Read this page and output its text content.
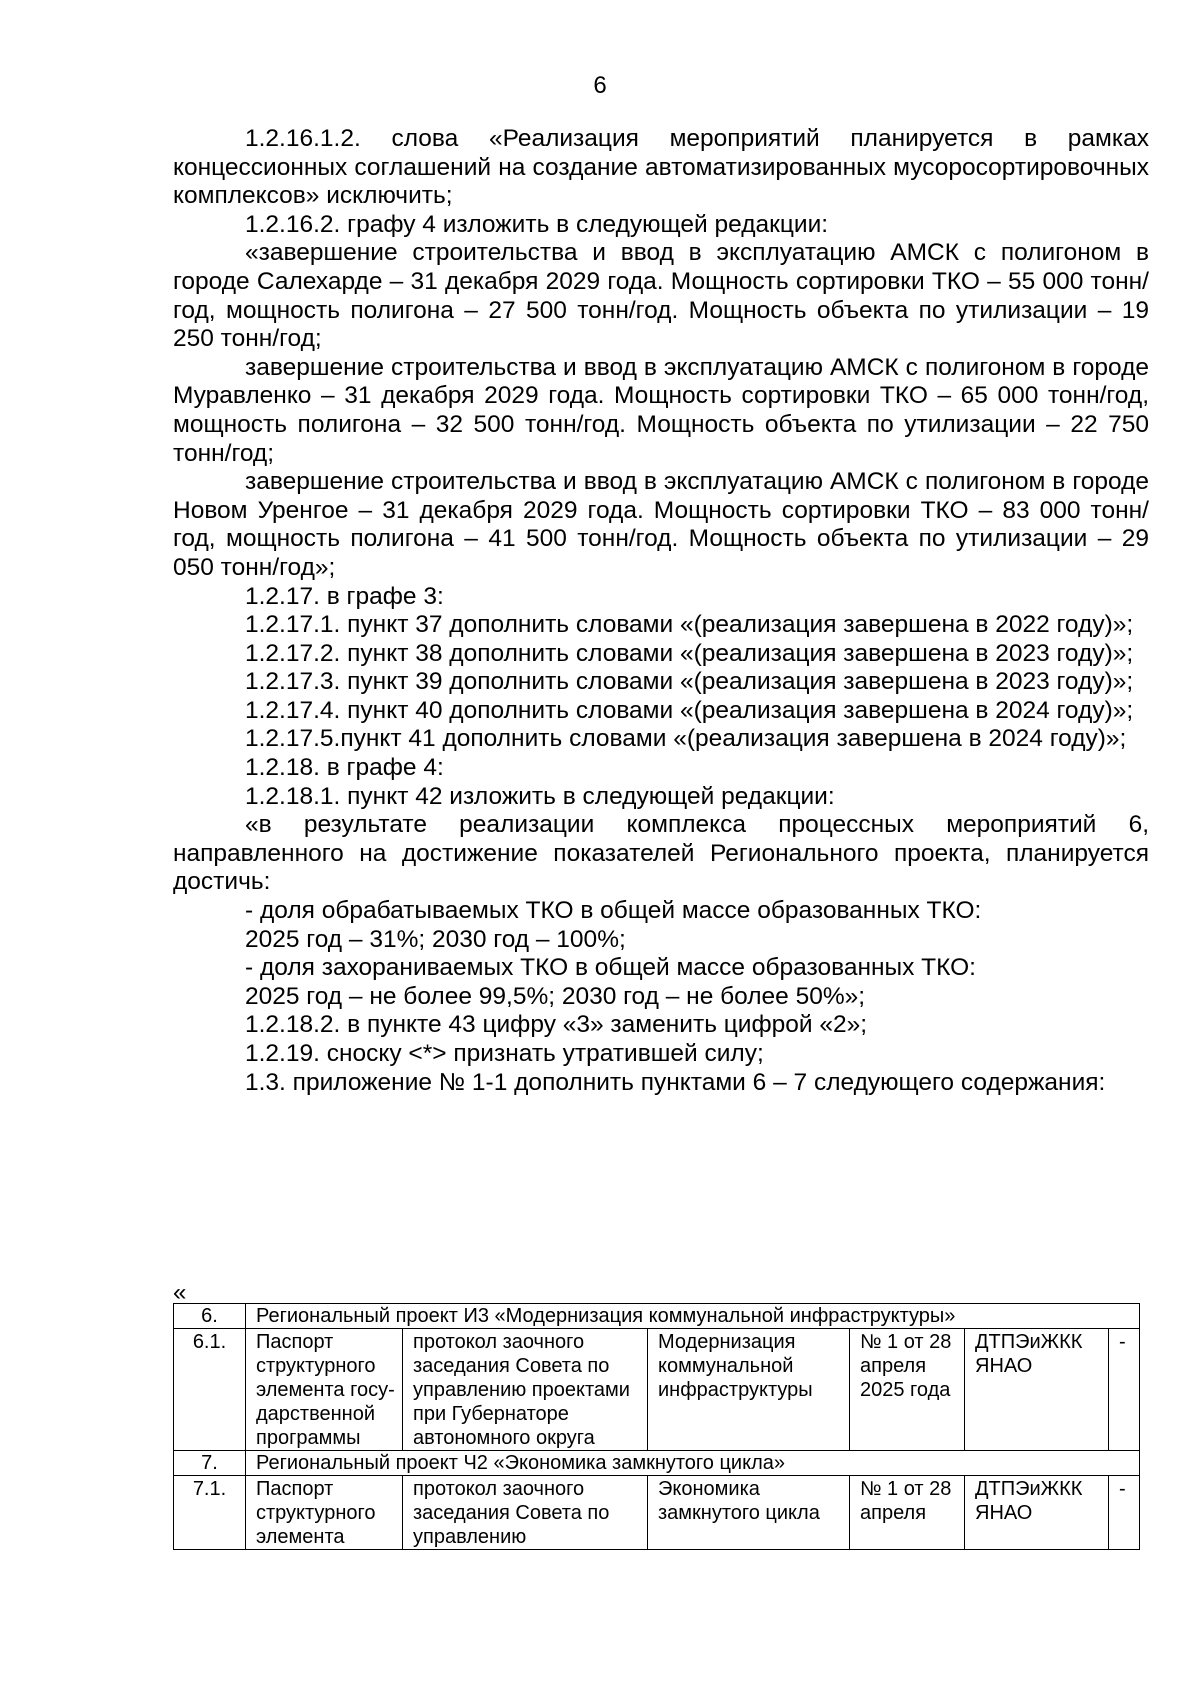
6

1.2.16.1.2. слова «Реализация мероприятий планируется в рамках концессионных соглашений на создание автоматизированных мусоросортировочных комплексов» исключить;

1.2.16.2. графу 4 изложить в следующей редакции:

«завершение строительства и ввод в эксплуатацию АМСК с полигоном в городе Салехарде – 31 декабря 2029 года. Мощность сортировки ТКО – 55 000 тонн/год, мощность полигона – 27 500 тонн/год. Мощность объекта по утилизации – 19 250 тонн/год;

завершение строительства и ввод в эксплуатацию АМСК с полигоном в городе Муравленко – 31 декабря 2029 года. Мощность сортировки ТКО – 65 000 тонн/год, мощность полигона – 32 500 тонн/год. Мощность объекта по утилизации – 22 750 тонн/год;

завершение строительства и ввод в эксплуатацию АМСК с полигоном в городе Новом Уренгое – 31 декабря 2029 года. Мощность сортировки ТКО – 83 000 тонн/год, мощность полигона – 41 500 тонн/год. Мощность объекта по утилизации – 29 050 тонн/год»;

1.2.17. в графе 3:

1.2.17.1. пункт 37 дополнить словами «(реализация завершена в 2022 году)»;

1.2.17.2. пункт 38 дополнить словами «(реализация завершена в 2023 году)»;

1.2.17.3. пункт 39 дополнить словами «(реализация завершена в 2023 году)»;

1.2.17.4. пункт 40 дополнить словами «(реализация завершена в 2024 году)»;

1.2.17.5.пункт 41 дополнить словами «(реализация завершена в 2024 году)»;

1.2.18. в графе 4:

1.2.18.1. пункт 42 изложить в следующей редакции:

«в результате реализации комплекса процессных мероприятий 6, направленного на достижение показателей Регионального проекта, планируется достичь:

- доля обрабатываемых ТКО в общей массе образованных ТКО:

2025 год – 31%; 2030 год – 100%;

- доля захораниваемых ТКО в общей массе образованных ТКО:

2025 год – не более 99,5%; 2030 год – не более 50%»;

1.2.18.2. в пункте 43 цифру «3» заменить цифрой «2»;

1.2.19. сноску <*> признать утратившей силу;

1.3. приложение № 1-1 дополнить пунктами 6 – 7 следующего содержания:

«
6.	Региональный проект И3 «Модернизация коммунальной инфраструктуры»					
6.1.	Паспорт структурного элемента госу-дарственной программы	протокол заочного заседания Совета по управлению проектами при Губернаторе автономного округа	Модернизация коммунальной инфраструктуры	№ 1 от 28 апреля 2025 года	ДТПЭиЖКК ЯНАО	-
7.	Региональный проект Ч2 «Экономика замкнутого цикла»					
7.1.	Паспорт структурного элемента	протокол заочного заседания Совета по управлению	Экономика замкнутого цикла	№ 1 от 28 апреля	ДТПЭиЖКК ЯНАО	-
